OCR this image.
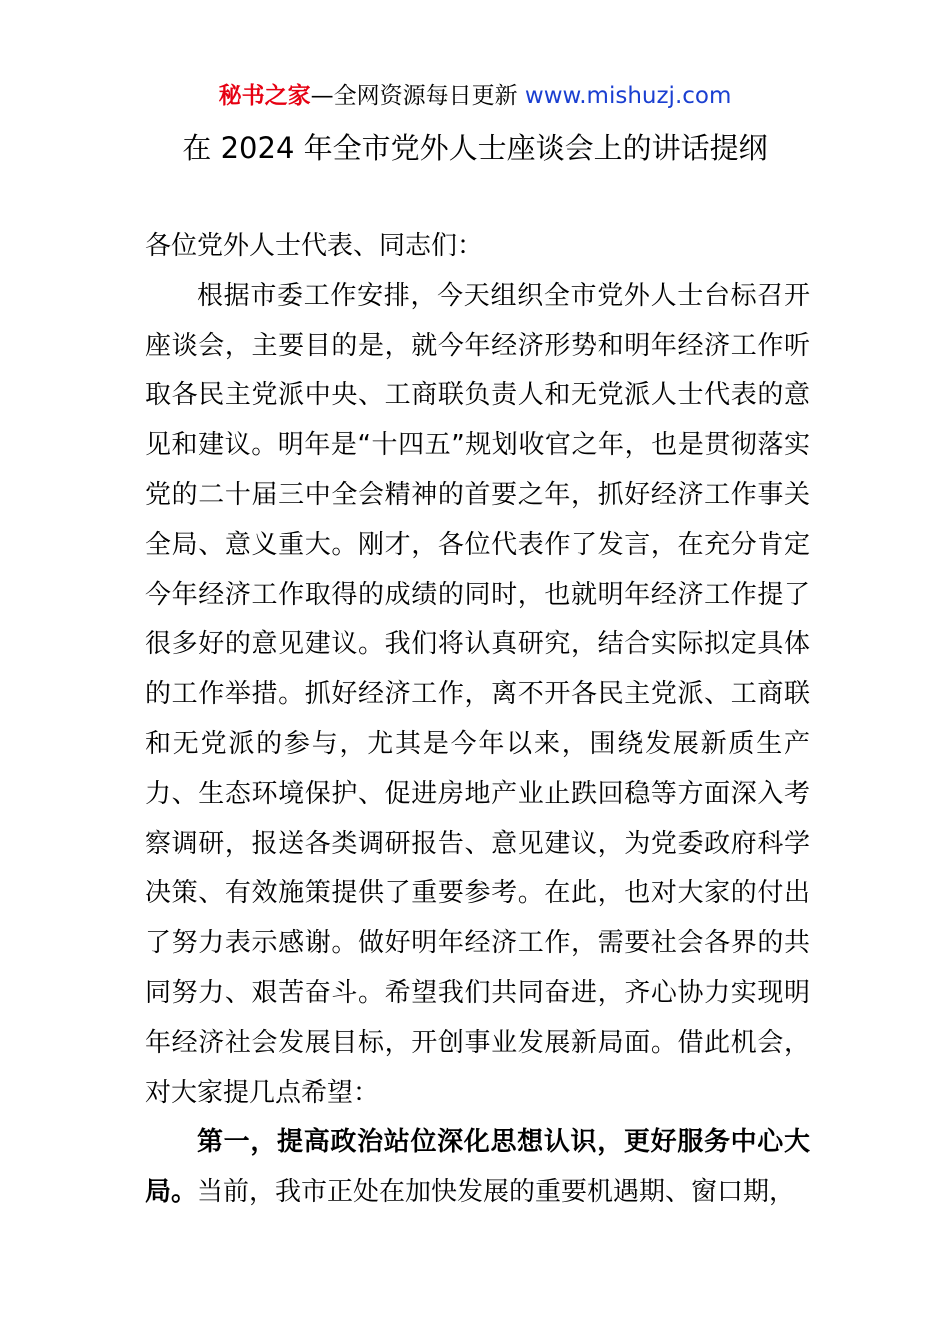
秘书之家—全网资源每日更新 www.mishuzj.com
在 2024 年全市党外人士座谈会上的讲话提纲

各位党外人士代表、同志们：

根据市委工作安排，今天组织全市党外人士台标召开座谈会，主要目的是，就今年经济形势和明年经济工作听取各民主党派中央、工商联负责人和无党派人士代表的意见和建议。明年是“十四五”规划收官之年，也是贯彻落实党的二十届三中全会精神的首要之年，抓好经济工作事关全局、意义重大。刚才，各位代表作了发言，在充分肯定今年经济工作取得的成绩的同时，也就明年经济工作提了很多好的意见建议。我们将认真研究，结合实际拟定具体的工作举措。抓好经济工作，离不开各民主党派、工商联和无党派的参与，尤其是今年以来，围绕发展新质生产力、生态环境保护、促进房地产业止跌回稳等方面深入考察调研，报送各类调研报告、意见建议，为党委政府科学决策、有效施策提供了重要参考。在此，也对大家的付出了努力表示感谢。做好明年经济工作，需要社会各界的共同努力、艰苦奋斗。希望我们共同奋进，齐心协力实现明年经济社会发展目标，开创事业发展新局面。借此机会，对大家提几点希望：

第一，提高政治站位深化思想认识，更好服务中心大局。当前，我市正处在加快发展的重要机遇期、窗口期，
